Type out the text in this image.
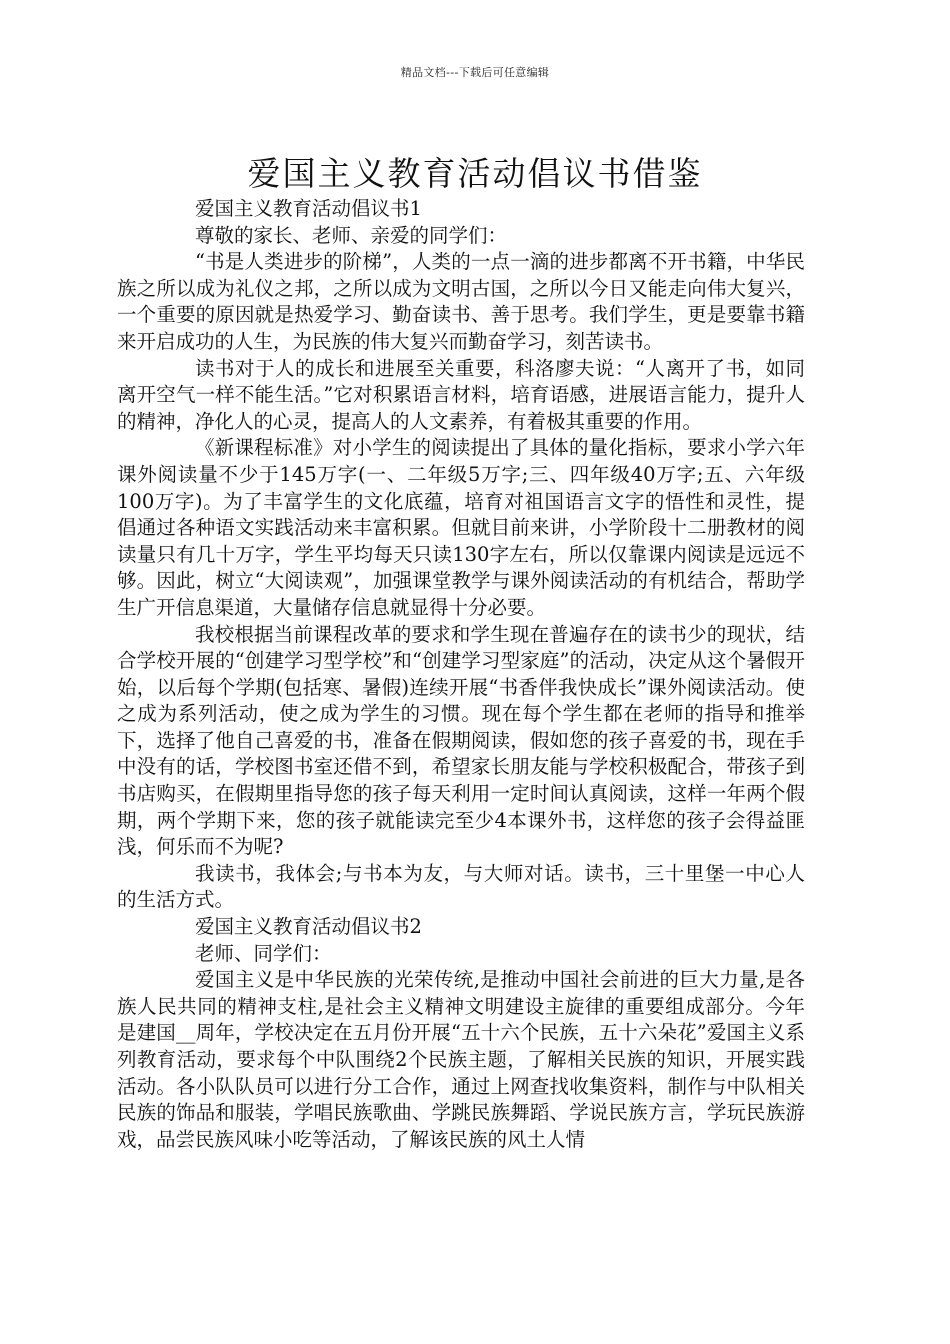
精品文档---下载后可任意编辑
爱国主义教育活动倡议书借鉴

爱国主义教育活动倡议书1

尊敬的家长、老师、亲爱的同学们：

“书是人类进步的阶梯”，人类的一点一滴的进步都离不开书籍，中华民族之所以成为礼仪之邦，之所以成为文明古国，之所以今日又能走向伟大复兴，一个重要的原因就是热爱学习、勤奋读书、善于思考。我们学生，更是要靠书籍来开启成功的人生，为民族的伟大复兴而勤奋学习，刻苦读书。

读书对于人的成长和进展至关重要，科洛廖夫说：“人离开了书，如同离开空气一样不能生活。”它对积累语言材料，培育语感，进展语言能力，提升人的精神，净化人的心灵，提高人的人文素养，有着极其重要的作用。

《新课程标准》对小学生的阅读提出了具体的量化指标，要求小学六年课外阅读量不少于145万字(一、二年级5万字;三、四年级40万字;五、六年级100万字)。为了丰富学生的文化底蕴，培育对祖国语言文字的悟性和灵性，提倡通过各种语文实践活动来丰富积累。但就目前来讲，小学阶段十二册教材的阅读量只有几十万字，学生平均每天只读130字左右，所以仅靠课内阅读是远远不够。因此，树立“大阅读观”，加强课堂教学与课外阅读活动的有机结合，帮助学生广开信息渠道，大量储存信息就显得十分必要。

我校根据当前课程改革的要求和学生现在普遍存在的读书少的现状，结合学校开展的“创建学习型学校”和“创建学习型家庭”的活动，决定从这个暑假开始，以后每个学期(包括寒、暑假)连续开展“书香伴我快成长”课外阅读活动。使之成为系列活动，使之成为学生的习惯。现在每个学生都在老师的指导和推举下，选择了他自己喜爱的书，准备在假期阅读，假如您的孩子喜爱的书，现在手中没有的话，学校图书室还借不到，希望家长朋友能与学校积极配合，带孩子到书店购买，在假期里指导您的孩子每天利用一定时间认真阅读，这样一年两个假期，两个学期下来，您的孩子就能读完至少4本课外书，这样您的孩子会得益匪浅，何乐而不为呢?

我读书，我体会;与书本为友，与大师对话。读书，三十里堡一中心人的生活方式。

爱国主义教育活动倡议书2

老师、同学们：

爱国主义是中华民族的光荣传统,是推动中国社会前进的巨大力量,是各族人民共同的精神支柱,是社会主义精神文明建设主旋律的重要组成部分。今年是建国__周年，学校决定在五月份开展“五十六个民族，五十六朵花”爱国主义系列教育活动，要求每个中队围绕2个民族主题，了解相关民族的知识，开展实践活动。各小队队员可以进行分工合作，通过上网查找收集资料，制作与中队相关民族的饰品和服装，学唱民族歌曲、学跳民族舞蹈、学说民族方言，学玩民族游戏，品尝民族风味小吃等活动，了解该民族的风土人情
